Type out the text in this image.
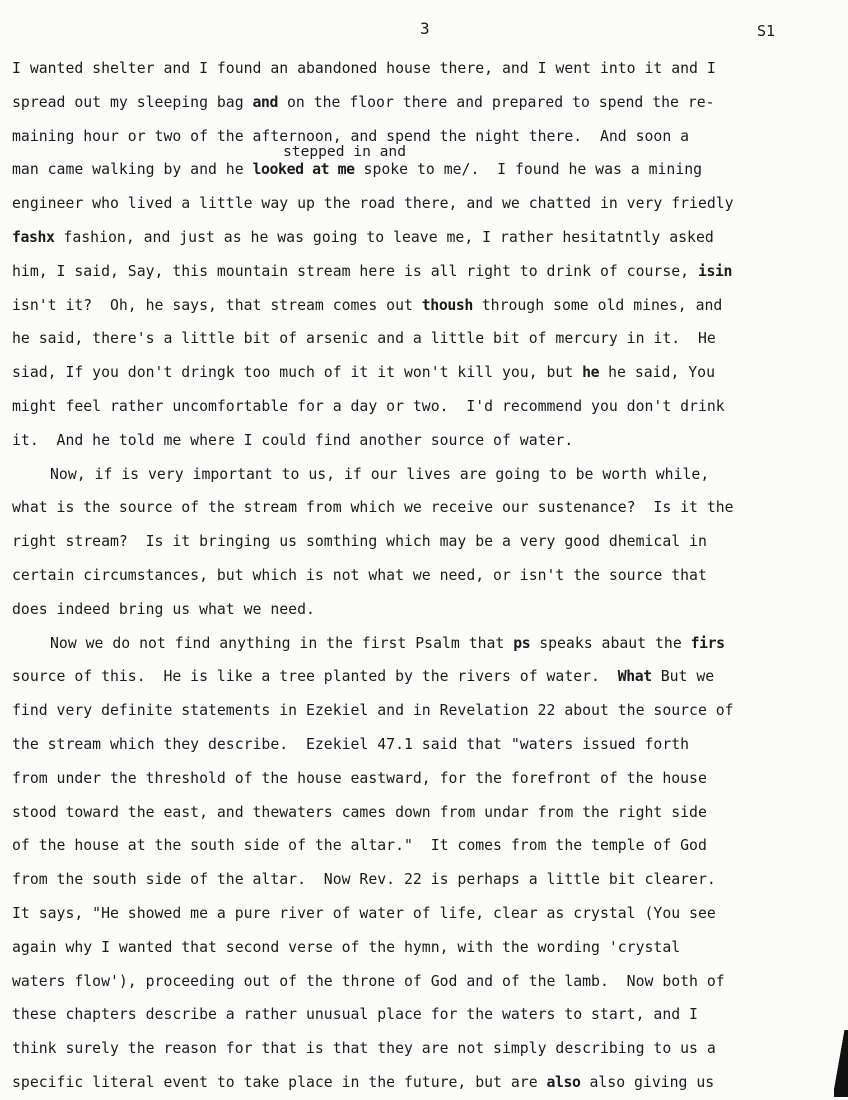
3	S1
I wanted shelter and I found an abandoned house there, and I went into it and I
spread out my sleeping bag and on the floor there and prepared to spend the re-
maining hour or two of the afternoon, and spend the night there.  And soon a
man came walking by and he looked at me spoke to me/.  I found he was a mining
stepped in and
engineer who lived a little way up the road there, and we chatted in very friedly
fashx fashion, and just as he was going to leave me, I rather hesitatntly asked
him, I said, Say, this mountain stream here is all right to drink of course, isin
isn't it?  Oh, he says, that stream comes out thoush through some old mines, and
he said, there's a little bit of arsenic and a little bit of mercury in it.  He
siad, If you don't dringk too much of it it won't kill you, but he he said, You
might feel rather uncomfortable for a day or two.  I'd recommend you don't drink
it.  And he told me where I could find another source of water.
Now, if is very important to us, if our lives are going to be worth while,
what is the source of the stream from which we receive our sustenance?  Is it the
right stream?  Is it bringing us somthing which may be a very good dhemical in
certain circumstances, but which is not what we need, or isn't the source that
does indeed bring us what we need.
Now we do not find anything in the first Psalm that ps speaks abaut the firs
source of this.  He is like a tree planted by the rivers of water.  What But we
find very definite statements in Ezekiel and in Revelation 22 about the source of
the stream which they describe.  Ezekiel 47.1 said that "waters issued forth
from under the threshold of the house eastward, for the forefront of the house
stood toward the east, and thewaters cames down from undar from the right side
of the house at the south side of the altar."  It comes from the temple of God
from the south side of the altar.  Now Rev. 22 is perhaps a little bit clearer.
It says, "He showed me a pure river of water of life, clear as crystal (You see
again why I wanted that second verse of the hymn, with the wording 'crystal
waters flow'), proceeding out of the throne of God and of the lamb.  Now both of
these chapters describe a rather unusual place for the waters to start, and I
think surely the reason for that is that they are not simply describing to us a
specific literal event to take place in the future, but are also also giving us
